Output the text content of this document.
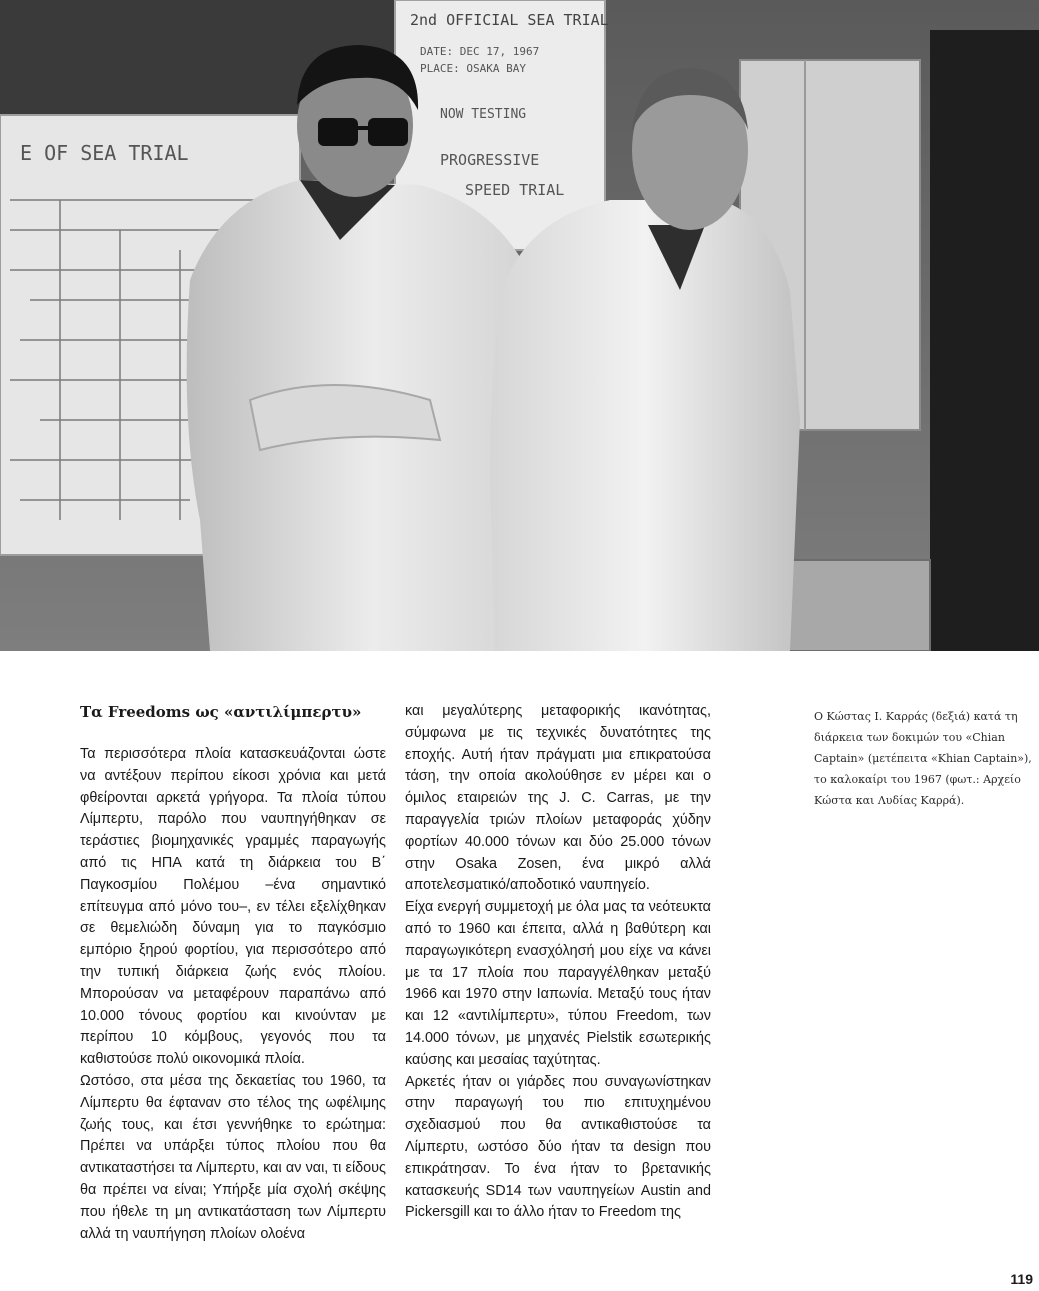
E OF SEA TRIAL
2nd OFFICIAL SEA TRIAL
DATE: DEC 17, 1967
PLACE: OSAKA BAY
NOW TESTING
PROGRESSIVE
SPEED TRIAL
Τα Freedoms ως «αντιλίμπερτυ»

Τα περισσότερα πλοία κατασκευάζονται ώστε να αντέξουν περίπου είκοσι χρόνια και μετά φθείρονται αρκετά γρήγορα. Τα πλοία τύπου Λίμπερτυ, παρόλο που ναυπηγήθηκαν σε τεράστιες βιομηχανικές γραμμές παραγωγής από τις ΗΠΑ κατά τη διάρκεια του Β΄ Παγκοσμίου Πολέμου –ένα σημαντικό επίτευγμα από μόνο του–, εν τέλει εξελίχθηκαν σε θεμελιώδη δύναμη για το παγκόσμιο εμπόριο ξηρού φορτίου, για περισσότερο από την τυπική διάρκεια ζωής ενός πλοίου. Μπορούσαν να μεταφέρουν παραπάνω από 10.000 τόνους φορτίου και κινούνταν με περίπου 10 κόμβους, γεγονός που τα καθιστούσε πολύ οικονομικά πλοία.

Ωστόσο, στα μέσα της δεκαετίας του 1960, τα Λίμπερτυ θα έφταναν στο τέλος της ωφέλιμης ζωής τους, και έτσι γεννήθηκε το ερώτημα: Πρέπει να υπάρξει τύπος πλοίου που θα αντικαταστήσει τα Λίμπερτυ, και αν ναι, τι είδους θα πρέπει να είναι; Υπήρξε μία σχολή σκέψης που ήθελε τη μη αντικατάσταση των Λίμπερτυ αλλά τη ναυπήγηση πλοίων ολοένα

και μεγαλύτερης μεταφορικής ικανότητας, σύμφωνα με τις τεχνικές δυνατότητες της εποχής. Αυτή ήταν πράγματι μια επικρατούσα τάση, την οποία ακολούθησε εν μέρει και ο όμιλος εταιρειών της J. C. Carras, με την παραγγελία τριών πλοίων μεταφοράς χύδην φορτίων 40.000 τόνων και δύο 25.000 τόνων στην Osaka Zosen, ένα μικρό αλλά αποτελεσματικό/αποδοτικό ναυπηγείο.

Είχα ενεργή συμμετοχή με όλα μας τα νεότευκτα από το 1960 και έπειτα, αλλά η βαθύτερη και παραγωγικότερη ενασχόλησή μου είχε να κάνει με τα 17 πλοία που παραγγέλθηκαν μεταξύ 1966 και 1970 στην Ιαπωνία. Μεταξύ τους ήταν και 12 «αντιλίμπερτυ», τύπου Freedom, των 14.000 τόνων, με μηχανές Pielstik εσωτερικής καύσης και μεσαίας ταχύτητας.

Αρκετές ήταν οι γιάρδες που συναγωνίστηκαν στην παραγωγή του πιο επιτυχημένου σχεδιασμού που θα αντικαθιστούσε τα Λίμπερτυ, ωστόσο δύο ήταν τα design που επικράτησαν. Το ένα ήταν το βρετανικής κατασκευής SD14 των ναυπηγείων Austin and Pickersgill και το άλλο ήταν το Freedom της

Ο Κώστας Ι. Καρράς (δεξιά) κατά τη διάρκεια των δοκιμών του «Chian Captain» (μετέπειτα «Khian Captain»), το καλοκαίρι του 1967 (φωτ.: Αρχείο Κώστα και Λυδίας Καρρά).

119
